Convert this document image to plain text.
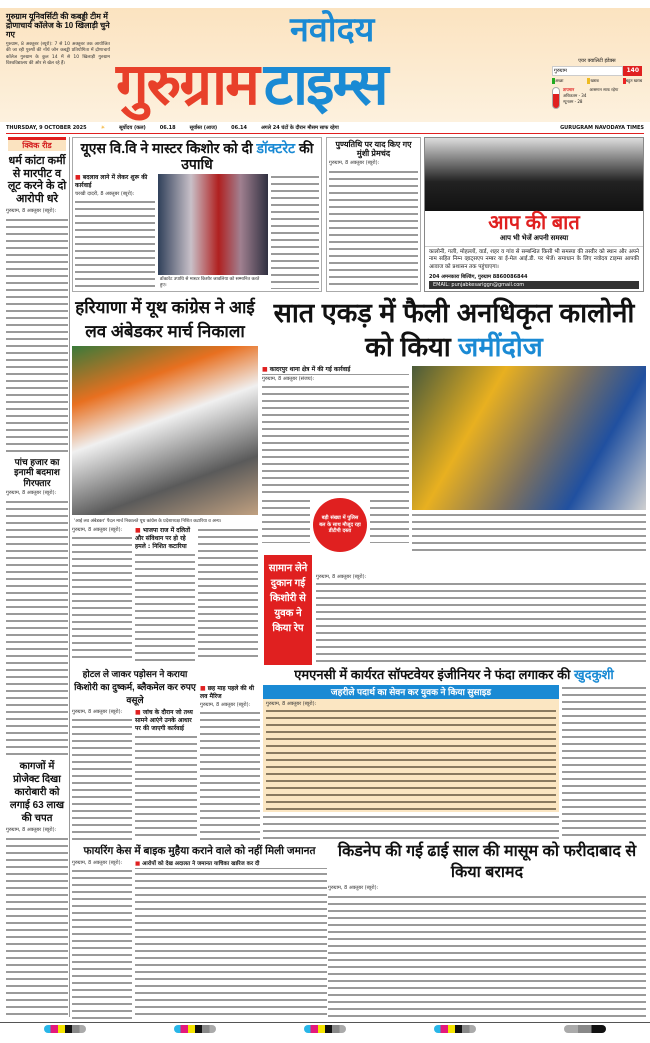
गुरुग्राम यूनिवर्सिटी की कबड्डी टीम में द्रोणाचार्य कॉलेज के 10 खिलाड़ी चुने गए
गुरुग्राम, 8 अक्तूबर (ब्यूरो): 7 से 10 अक्तूबर तक आयोजित की जा रही पुरुषों की नॉर्थ जोन कबड्डी प्रतियोगिता में द्रोणाचार्य कॉलेज गुरुग्राम के कुल 14 में से 10 खिलाड़ी गुरुग्राम विश्वविद्यालय की ओर से खेल रहे हैं।
नवोदय
गुरुग्राम टाइम्स	एयर क्वालिटी इंडेक्स
गुरुग्राम	140
अच्छा	खराब	बहुत खराब
तापमान
अधिकतम - 34
न्यूनतम - 28
आसमान साफ रहेगा
THURSDAY, 9 OCTOBER 2025	☀	सूर्योदय (कल)	06.18	सूर्यास्त (आज)	06.14	अगले 24 घंटों के दौरान मौसम साफ रहेगा	GURUGRAM NAVODAYA TIMES
क्विक रीड
धर्म कांटा कर्मी से मारपीट व लूट करने के दो आरोपी धरे
गुरुग्राम, 8 अक्तूबर (ब्यूरो):
पांच हजार का इनामी बदमाश गिरफ्तार
गुरुग्राम, 8 अक्तूबर (ब्यूरो):
कागजों में प्रोजेक्ट दिखा कारोबारी को लगाई 63 लाख की चपत
गुरुग्राम, 8 अक्तूबर (ब्यूरो):
यूएस वि.वि ने मास्टर किशोर को दी डॉक्टरेट की उपाधि
■ बदलाव लाने में लेकर शुरू की कार्रवाई
चरखी दादरी, 8 अक्तूबर (ब्यूरो):
डॉक्टरेट उपाधि से मास्टर किशोर जावलिया को सम्मानित करते हुए।
पुण्यतिथि पर याद किए गए मुंशी प्रेमचंद
गुरुग्राम, 8 अक्तूबर (ब्यूरो):
आप की बात
आप भी भेजें अपनी समस्या
कालोनी, गली, मोहल्लों, वार्ड, शहर व गांव से सम्बन्धित किसी भी समस्या की तस्वीर को स्थान और अपने नाम सहित निम्न व्हाट्सएप नम्बर या ई-मेल आई.डी. पर भेजें। समाधान के लिए नवोदय टाइम्स आपकी आवाज को प्रशासन तक पहुंचाएगा।
204 अमनकारा बिल्डिंग, गुरुग्राम 8860086844
EMAIL: punjabkesariggn@gmail.com
हरियाणा में यूथ कांग्रेस ने आई लव अंबेडकर मार्च निकाला
'आई लव अंबेडकर' पैदल मार्च निकालते यूथ कांग्रेस के प्रदेशाध्यक्ष निशित कटारिया व अन्य।
गुरुग्राम, 8 अक्तूबर (ब्यूरो):	■ भाजपा राज में दलितों और संविधान पर हो रहे हमले : निशित कटारिया
सात एकड़ में फैली अनधिकृत कालोनी को किया जमींदोज
■ कादरपुर थाना क्षेत्र में की गई कार्रवाई
गुरुग्राम, 8 अक्तूबर (संजय):
बड़ी संख्या में पुलिस बल के साथ मौजूद रहा डीटीपी दस्ता
सामान लेने दुकान गई किशोरी से युवक ने किया रेप
गुरुग्राम, 8 अक्तूबर (ब्यूरो):
होटल ले जाकर पड़ोसन ने कराया किशोरी का दुष्कर्म, ब्लैकमेल कर रुपए वसूले
गुरुग्राम, 8 अक्तूबर (ब्यूरो):	■ जांच के दौरान जो तथ्य सामने आएंगे उनके आधार पर की जाएगी कार्रवाई
एमएनसी में कार्यरत सॉफ्टवेयर इंजीनियर ने फंदा लगाकर की खुदकुशी
■ छह माह पहले की थी लव मैरिज
गुरुग्राम, 8 अक्तूबर (ब्यूरो):
जहरीले पदार्थ का सेवन कर युवक ने किया सुसाइड
गुरुग्राम, 8 अक्तूबर (ब्यूरो):
फायरिंग केस में बाइक मुहैया कराने वाले को नहीं मिली जमानत
गुरुग्राम, 8 अक्तूबर (ब्यूरो):	■ आरोपों को देख अदालत ने जमानत याचिका खारिज कर दी
किडनेप की गई ढाई साल की मासूम को फरीदाबाद से किया बरामद
गुरुग्राम, 8 अक्तूबर (ब्यूरो):
